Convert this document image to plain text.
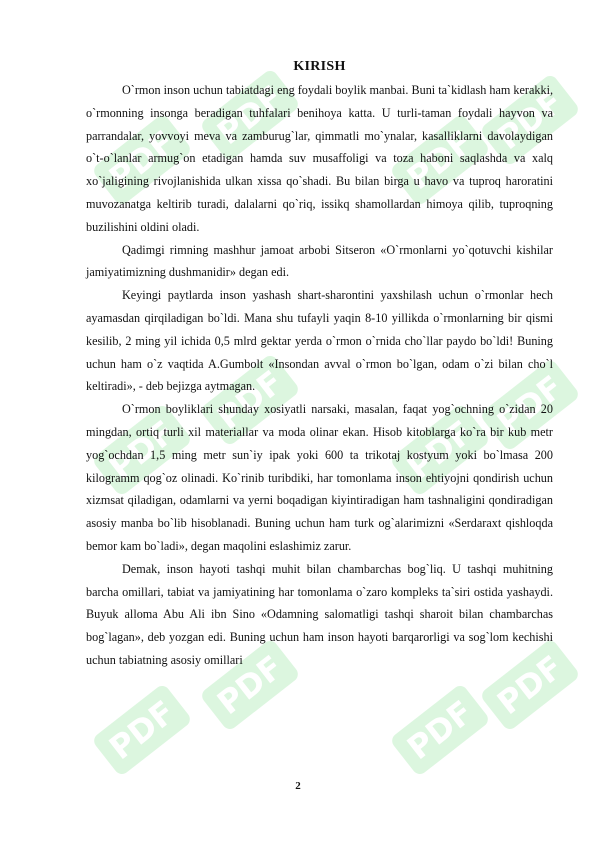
PDF
PDF
PDF
PDF
PDF
PDF
PDF
PDF
PDF
PDF
PDF
PDF
KIRISH

O`rmon inson uchun tabiatdagi eng foydali boylik manbai. Buni ta`kidlash ham kerakki, o`rmonning insonga beradigan tuhfalari benihoya katta. U turli-taman foydali hayvon va parrandalar, yovvoyi meva va zamburug`lar, qimmatli mo`ynalar, kasalliklarni davolaydigan o`t-o`lanlar armug`on etadigan hamda suv musaffoligi va toza haboni saqlashda va xalq xo`jaligining rivojlanishida ulkan xissa qo`shadi. Bu bilan birga u havo va tuproq haroratini muvozanatga keltirib turadi, dalalarni qo`riq, issikq shamollardan himoya qilib, tuproqning buzilishini oldini oladi.

Qadimgi rimning mashhur jamoat arbobi Sitseron «O`rmonlarni yo`qotuvchi kishilar jamiyatimizning dushmanidir» degan edi.

Keyingi paytlarda inson yashash shart-sharontini yaxshilash uchun o`rmonlar hech ayamasdan qirqiladigan bo`ldi. Mana shu tufayli yaqin 8-10 yillikda o`rmonlarning bir qismi kesilib, 2 ming yil ichida 0,5 mlrd gektar yerda o`rmon o`rnida cho`llar paydo bo`ldi! Buning uchun ham o`z vaqtida A.Gumbolt «Insondan avval o`rmon bo`lgan, odam o`zi bilan cho`l keltiradi», - deb bejizga aytmagan.

O`rmon boyliklari shunday xosiyatli narsaki, masalan, faqat yog`ochning o`zidan 20 mingdan, ortiq turli xil materiallar va moda olinar ekan. Hisob kitoblarga ko`ra bir kub metr yog`ochdan 1,5 ming metr sun`iy ipak yoki 600 ta trikotaj kostyum yoki bo`lmasa 200 kilogramm qog`oz olinadi. Ko`rinib turibdiki, har tomonlama inson ehtiyojni qondirish uchun xizmsat qiladigan, odamlarni va yerni boqadigan kiyintiradigan ham tashnaligini qondiradigan asosiy manba bo`lib hisoblanadi. Buning uchun ham turk og`alarimizni «Serdaraxt qishloqda bemor kam bo`ladi», degan maqolini eslashimiz zarur.

Demak, inson hayoti tashqi muhit bilan chambarchas bog`liq. U tashqi muhitning barcha omillari, tabiat va jamiyatining har tomonlama o`zaro kompleks ta`siri ostida yashaydi. Buyuk alloma Abu Ali ibn Sino «Odamning salomatligi tashqi sharoit bilan chambarchas bog`lagan», deb yozgan edi. Buning uchun ham inson hayoti barqarorligi va sog`lom kechishi uchun tabiatning asosiy omillari

2
